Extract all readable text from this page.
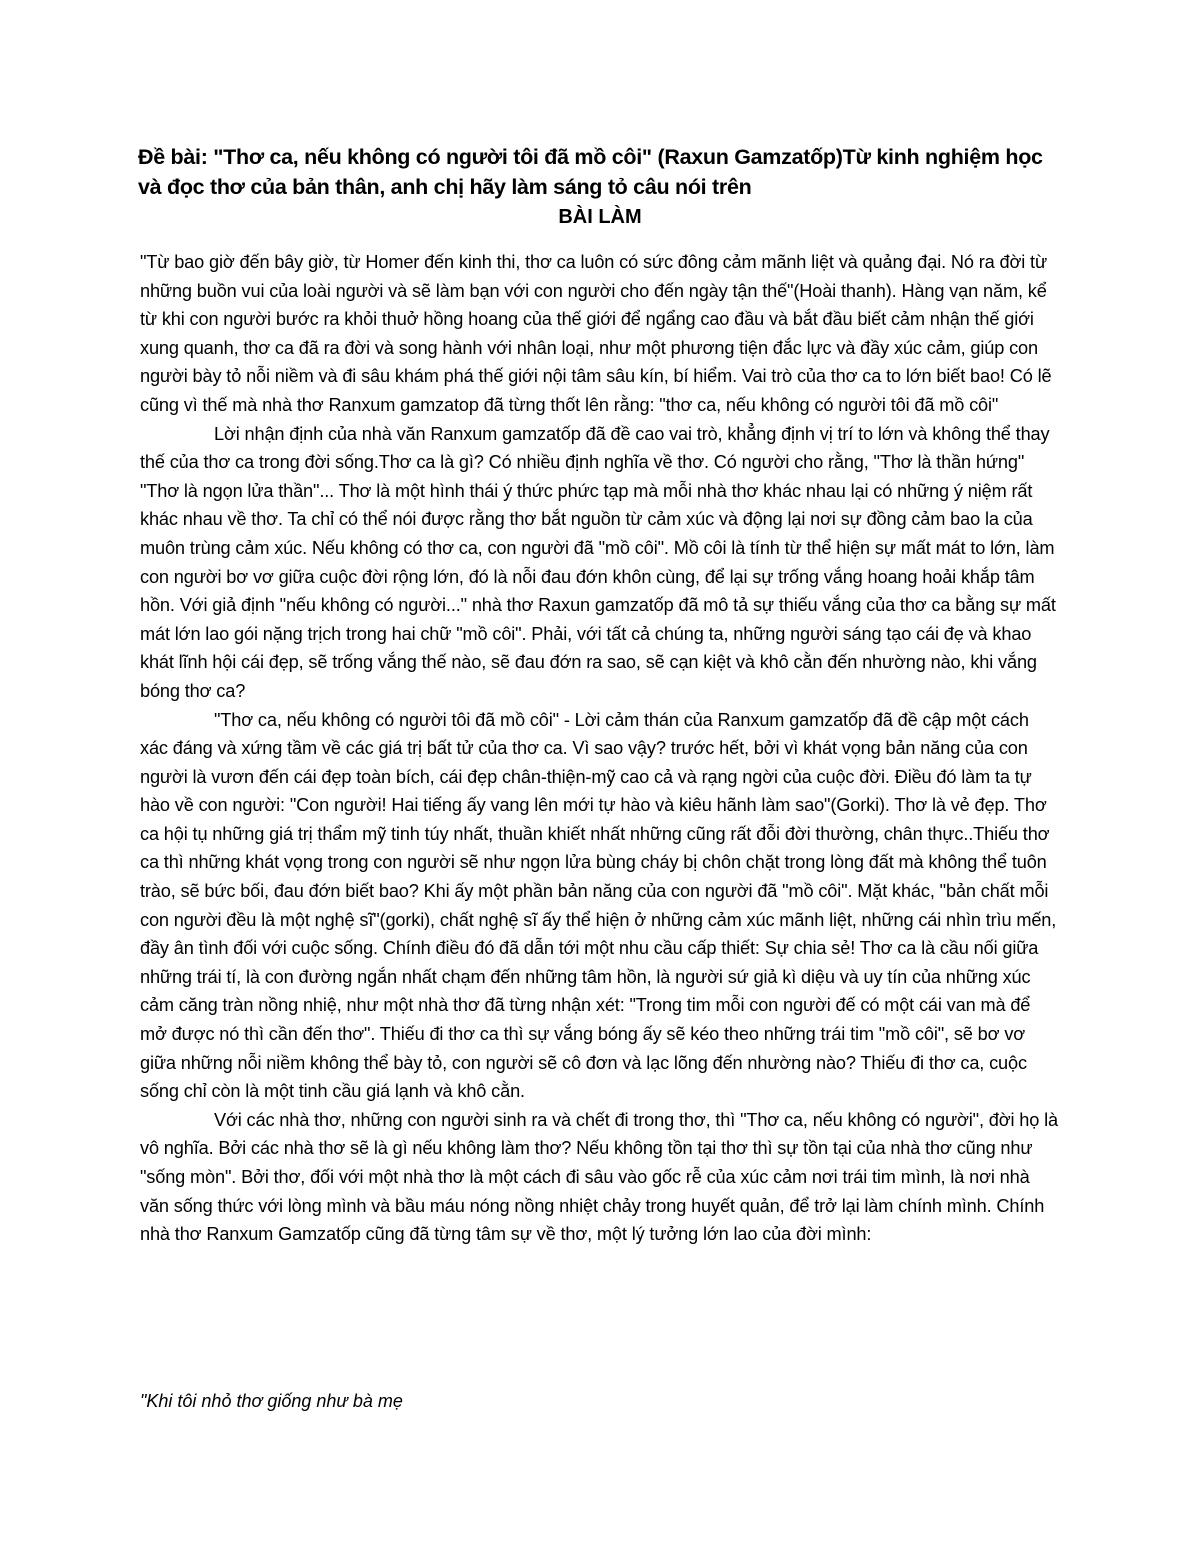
Đề bài: "Thơ ca, nếu không có người tôi đã mồ côi" (Raxun Gamzatốp)Từ kinh nghiệm học và đọc thơ của bản thân, anh chị hãy làm sáng tỏ câu nói trên
BÀI LÀM

"Từ bao giờ đến bây giờ, từ Homer đến kinh thi, thơ ca luôn có sức đông cảm mãnh liệt và quảng đại. Nó ra đời từ những buồn vui của loài người và sẽ làm bạn với con người cho đến ngày tận thế"(Hoài thanh). Hàng vạn năm, kể từ khi con người bước ra khỏi thuở hồng hoang của thế giới để ngẩng cao đầu và bắt đầu biết cảm nhận thế giới xung quanh, thơ ca đã ra đời và song hành với nhân loại, như một phương tiện đắc lực và đầy xúc cảm, giúp con người bày tỏ nỗi niềm và đi sâu khám phá thế giới nội tâm sâu kín, bí hiểm. Vai trò của thơ ca to lớn biết bao! Có lẽ cũng vì thế mà nhà thơ Ranxum gamzatop đã từng thốt lên rằng: "thơ ca, nếu không có người tôi đã mồ côi"

Lời nhận định của nhà văn Ranxum gamzatốp đã đề cao vai trò, khẳng định vị trí to lớn và không thể thay thế của thơ ca trong đời sống.Thơ ca là gì? Có nhiều định nghĩa về thơ. Có người cho rằng, "Thơ là thần hứng" "Thơ là ngọn lửa thần"... Thơ là một hình thái ý thức phức tạp mà mỗi nhà thơ khác nhau lại có những ý niệm rất khác nhau về thơ. Ta chỉ có thể nói được rằng thơ bắt nguồn từ cảm xúc và động lại nơi sự đồng cảm bao la của muôn trùng cảm xúc. Nếu không có thơ ca, con người đã "mồ côi". Mồ côi là tính từ thể hiện sự mất mát to lớn, làm con người bơ vơ giữa cuộc đời rộng lớn, đó là nỗi đau đớn khôn cùng, để lại sự trống vắng hoang hoải khắp tâm hồn. Với giả định "nếu không có người..." nhà thơ Raxun gamzatốp đã mô tả sự thiếu vắng của thơ ca bằng sự mất mát lớn lao gói nặng trịch trong hai chữ "mồ côi". Phải, với tất cả chúng ta, những người sáng tạo cái đẹ và khao khát lĩnh hội cái đẹp, sẽ trống vắng thế nào, sẽ đau đớn ra sao, sẽ cạn kiệt và khô cằn đến nhường nào, khi vắng bóng thơ ca?

"Thơ ca, nếu không có người tôi đã mồ côi" - Lời cảm thán của Ranxum gamzatốp đã đề cập một cách xác đáng và xứng tầm về các giá trị bất tử của thơ ca. Vì sao vậy? trước hết, bởi vì khát vọng bản năng của con người là vươn đến cái đẹp toàn bích, cái đẹp chân-thiện-mỹ cao cả và rạng ngời của cuộc đời. Điều đó làm ta tự hào về con người: "Con người! Hai tiếng ấy vang lên mới tự hào và kiêu hãnh làm sao"(Gorki). Thơ là vẻ đẹp. Thơ ca hội tụ những giá trị thẩm mỹ tinh túy nhất, thuần khiết nhất những cũng rất đỗi đời thường, chân thực..Thiếu thơ ca thì những khát vọng trong con người sẽ như ngọn lửa bùng cháy bị chôn chặt trong lòng đất mà không thể tuôn trào, sẽ bức bối, đau đớn biết bao? Khi ấy một phần bản năng của con người đã "mồ côi". Mặt khác, "bản chất mỗi con người đều là một nghệ sĩ"(gorki), chất nghệ sĩ ấy thể hiện ở những cảm xúc mãnh liệt, những cái nhìn trìu mến, đầy ân tình đối với cuộc sống. Chính điều đó đã dẫn tới một nhu cầu cấp thiết: Sự chia sẻ! Thơ ca là cầu nối giữa những trái tí, là con đường ngắn nhất chạm đến những tâm hồn, là người sứ giả kì diệu và uy tín của những xúc cảm căng tràn nồng nhiệ, như một nhà thơ đã từng nhận xét: "Trong tim mỗi con người đế có một cái van mà để mở được nó thì cần đến thơ". Thiếu đi thơ ca thì sự vắng bóng ấy sẽ kéo theo những trái tim "mồ côi", sẽ bơ vơ giữa những nỗi niềm không thể bày tỏ, con người sẽ cô đơn và lạc lõng đến nhường nào? Thiếu đi thơ ca, cuộc sống chỉ còn là một tinh cầu giá lạnh và khô cằn.

Với các nhà thơ, những con người sinh ra và chết đi trong thơ, thì "Thơ ca, nếu không có người", đời họ là vô nghĩa. Bởi các nhà thơ sẽ là gì nếu không làm thơ? Nếu không tồn tại thơ thì sự tồn tại của nhà thơ cũng như "sống mòn". Bởi thơ, đối với một nhà thơ là một cách đi sâu vào gốc rễ của xúc cảm nơi trái tim mình, là nơi nhà văn sống thức với lòng mình và bầu máu nóng nồng nhiệt chảy trong huyết quản, để trở lại làm chính mình. Chính nhà thơ Ranxum Gamzatốp cũng đã từng tâm sự về thơ, một lý tưởng lớn lao của đời mình:

"Khi tôi nhỏ thơ giống như bà mẹ
